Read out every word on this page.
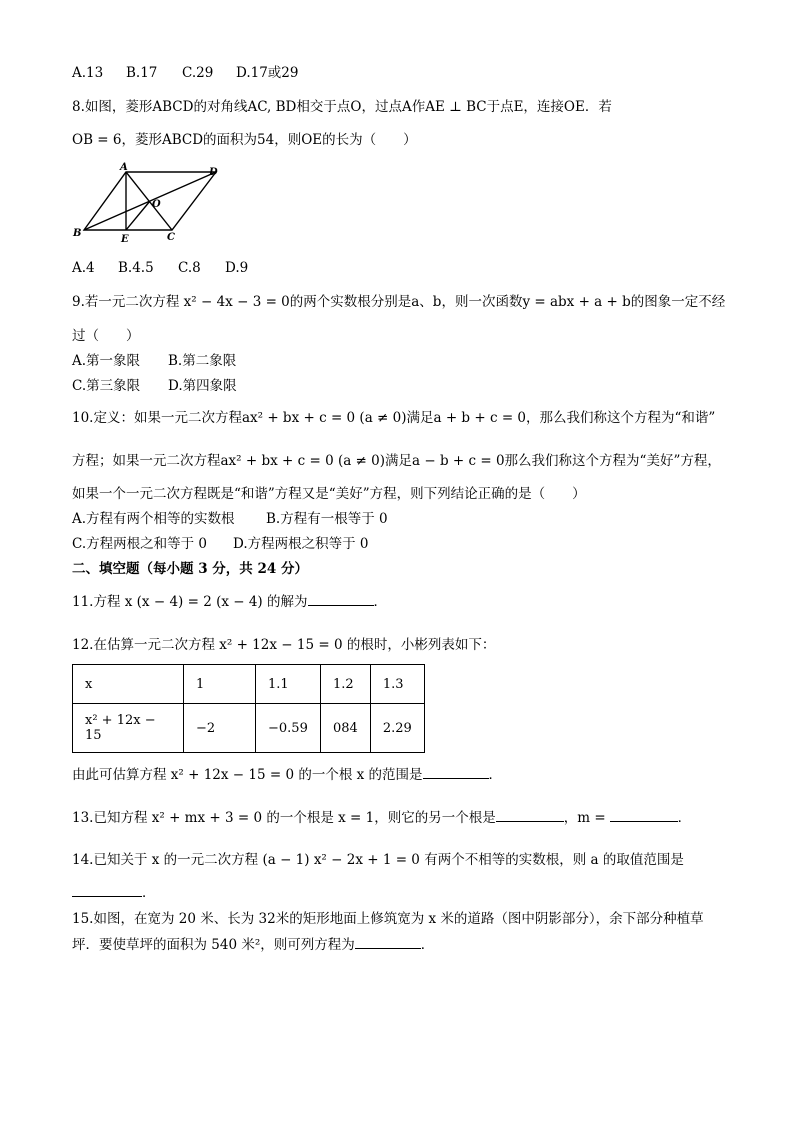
A.13 B.17 C.29 D.17或29
8.如图，菱形ABCD的对角线AC, BD相交于点O，过点A作AE ⊥ BC于点E，连接OE．若
OB = 6，菱形ABCD的面积为54，则OE的长为（　　）
A	D
O
B
E	C
A.4 B.4.5 C.8 D.9
9.若一元二次方程 x² − 4x − 3 = 0的两个实数根分别是a、b，则一次函数y = abx + a + b的图象一定不经
过（　　）
A.第一象限 B.第二象限
C.第三象限 D.第四象限
10.定义：如果一元二次方程ax² + bx + c = 0 (a ≠ 0)满足a + b + c = 0，那么我们称这个方程为“和谐”
方程；如果一元二次方程ax² + bx + c = 0 (a ≠ 0)满足a − b + c = 0那么我们称这个方程为“美好”方程，
如果一个一元二次方程既是“和谐”方程又是“美好”方程，则下列结论正确的是（　　）
A.方程有两个相等的实数根 B.方程有一根等于 0
C.方程两根之和等于 0 D.方程两根之积等于 0
二、填空题（每小题 3 分，共 24 分）
11.方程 x (x − 4) = 2 (x − 4) 的解为	．
12.在估算一元二次方程 x² + 12x − 15 = 0 的根时，小彬列表如下：
x	1	1.1	1.2	1.3
x² + 12x − 15	−2	−0.59	084	2.29
由此可估算方程 x² + 12x − 15 = 0 的一个根 x 的范围是	．
13.已知方程 x² + mx + 3 = 0 的一个根是 x = 1，则它的另一个根是	，m =	．
14.已知关于 x 的一元二次方程 (a − 1) x² − 2x + 1 = 0 有两个不相等的实数根，则 a 的取值范围是
．
15.如图，在宽为 20 米、长为 32米的矩形地面上修筑宽为 x 米的道路（图中阴影部分），余下部分种植草
坪．要使草坪的面积为 540 米²，则可列方程为	．
